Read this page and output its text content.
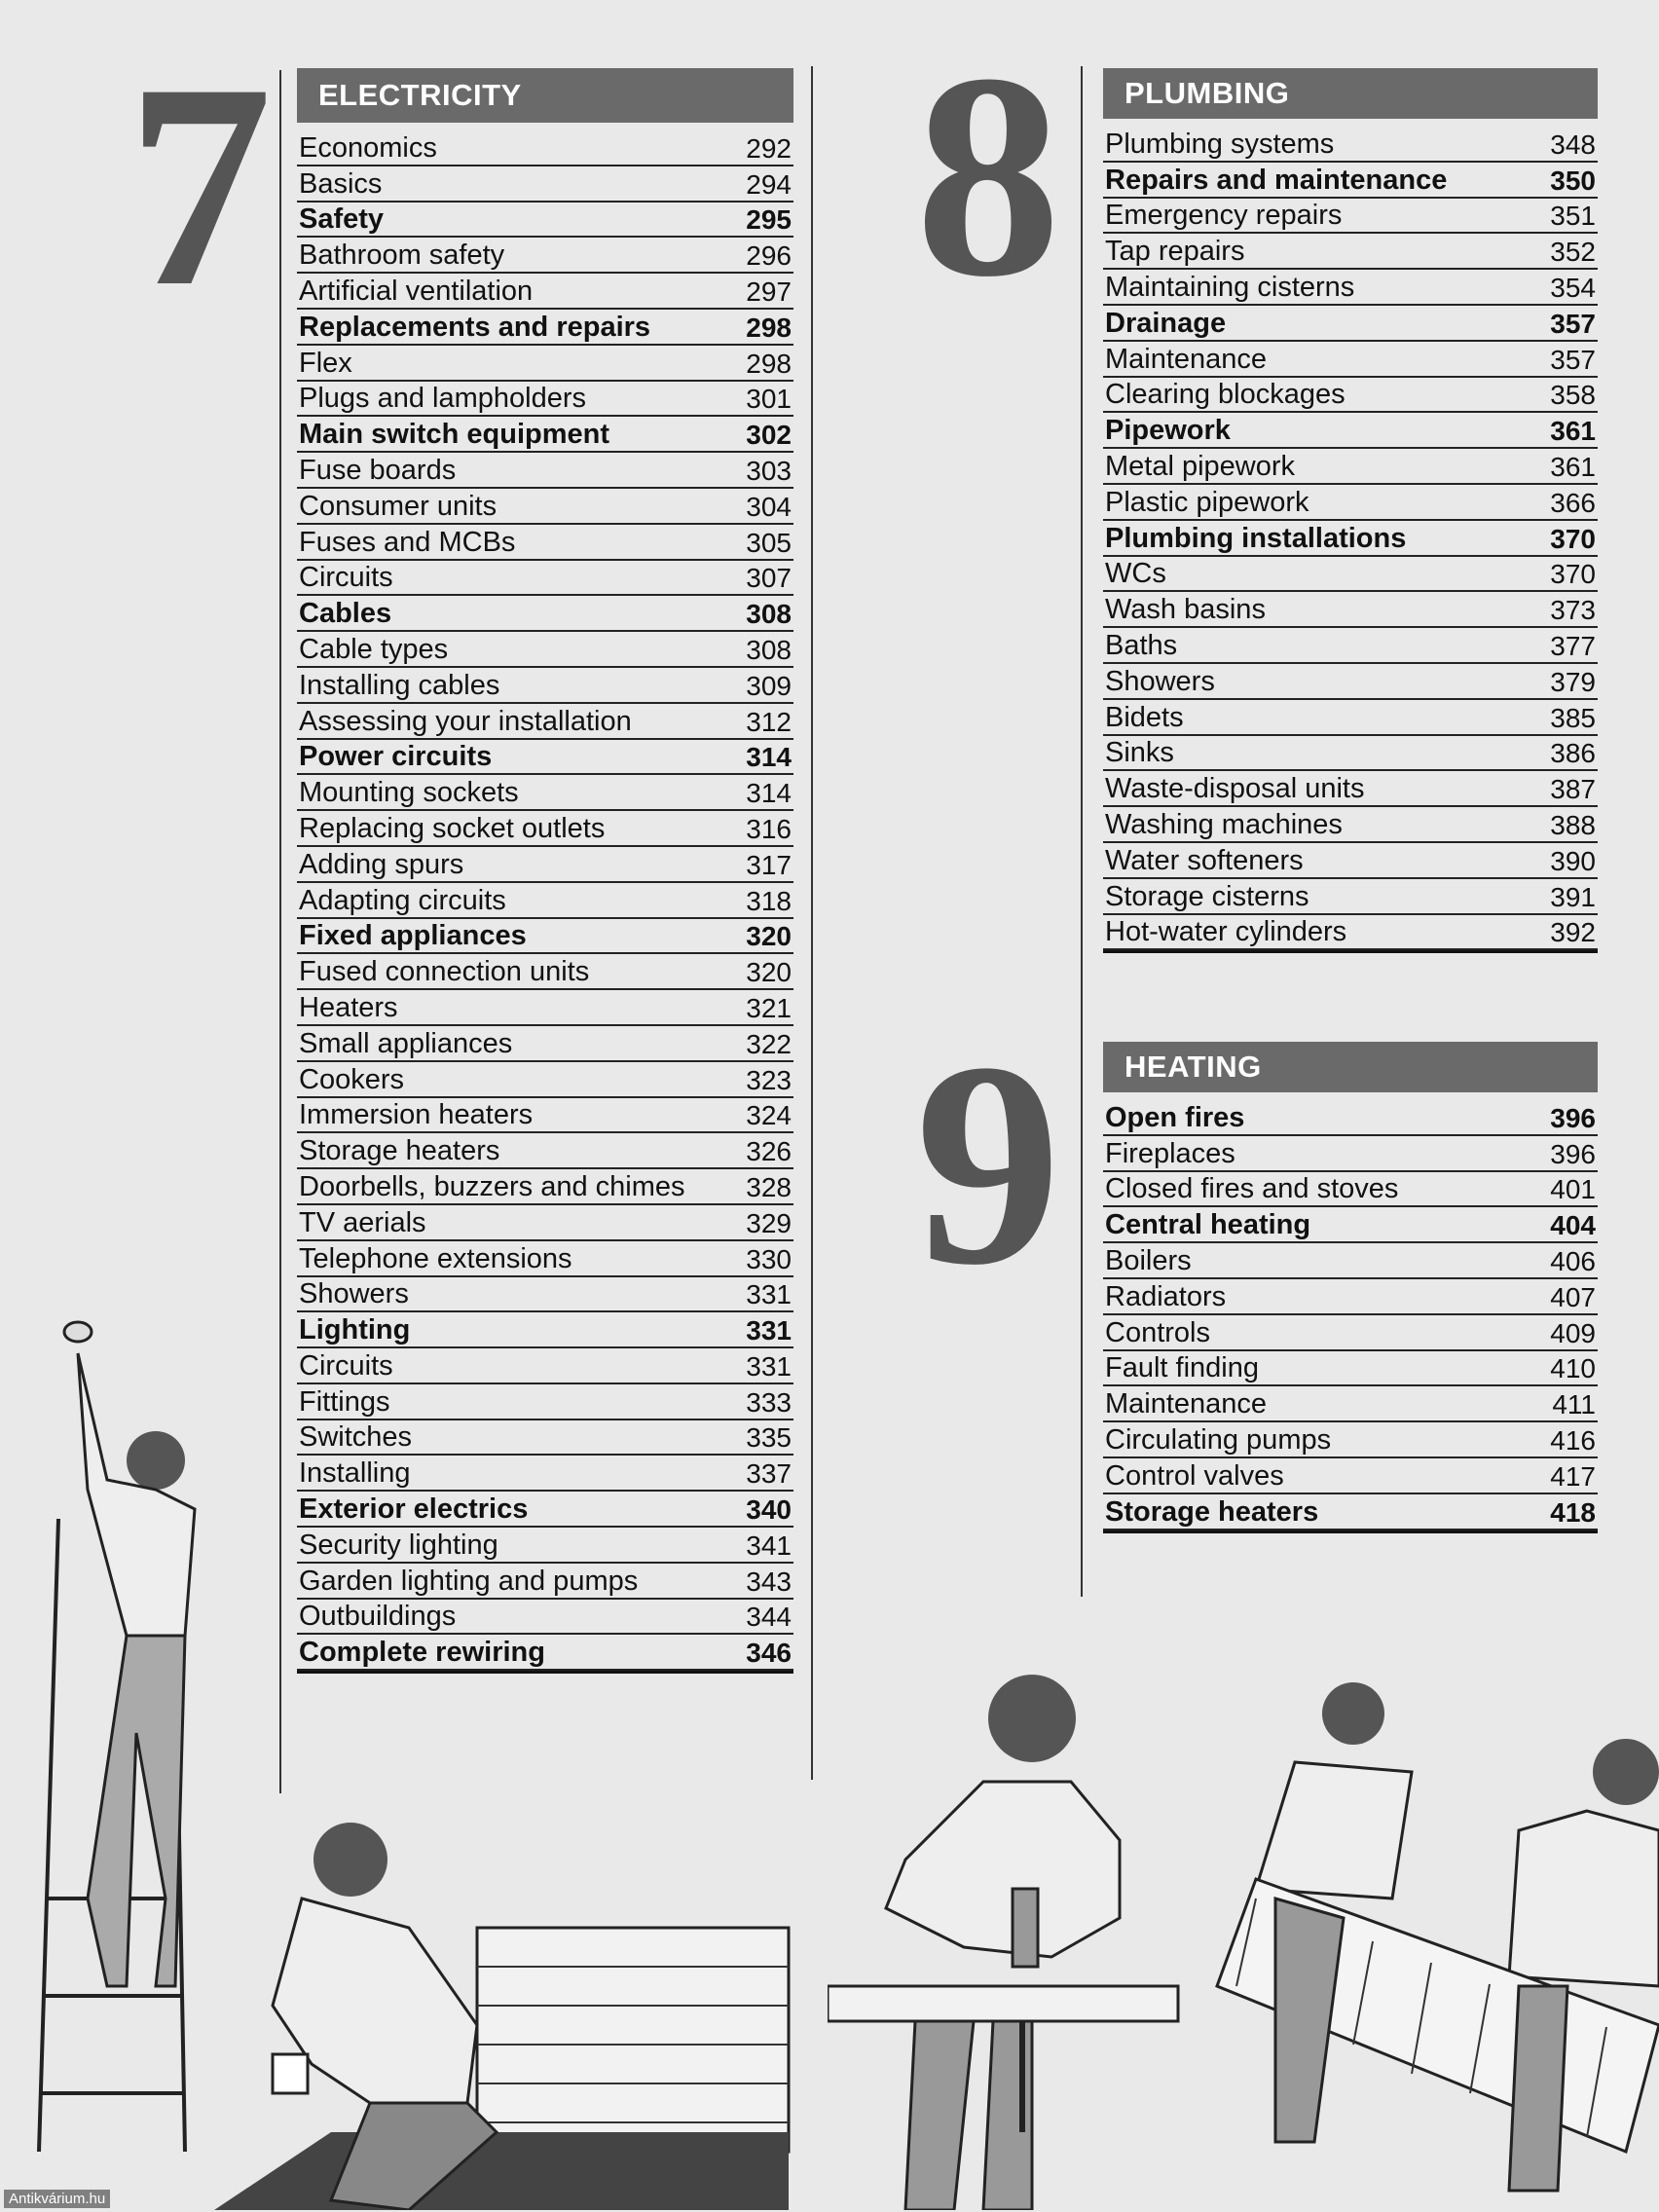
7 8
9
ELECTRICITY
Economics	292
Basics	294
Safety	295
Bathroom safety	296
Artificial ventilation	297
Replacements and repairs	298
Flex	298
Plugs and lampholders	301
Main switch equipment	302
Fuse boards	303
Consumer units	304
Fuses and MCBs	305
Circuits	307
Cables	308
Cable types	308
Installing cables	309
Assessing your installation	312
Power circuits	314
Mounting sockets	314
Replacing socket outlets	316
Adding spurs	317
Adapting circuits	318
Fixed appliances	320
Fused connection units	320
Heaters	321
Small appliances	322
Cookers	323
Immersion heaters	324
Storage heaters	326
Doorbells, buzzers and chimes 328
TV aerials	329
Telephone extensions	330
Showers	331
Lighting	331
Circuits	331
Fittings	333
Switches	335
Installing	337
Exterior electrics	340
Security lighting	341
Garden lighting and pumps	343
Outbuildings	344
Complete rewiring	346
PLUMBING
Plumbing systems	348
Repairs and maintenance	350
Emergency repairs	351
Tap repairs	352
Maintaining cisterns	354
Drainage	357
Maintenance	357
Clearing blockages	358
Pipework	361
Metal pipework	361
Plastic pipework	366
Plumbing installations	370
WCs	370
Wash basins	373
Baths	377
Showers	379
Bidets	385
Sinks	386
Waste-disposal units	387
Washing machines	388
Water softeners	390
Storage cisterns	391
Hot-water cylinders	392
HEATING
Open fires	396
Fireplaces	396
Closed fires and stoves	401
Central heating	404
Boilers	406
Radiators	407
Controls	409
Fault finding	410
Maintenance	411
Circulating pumps	416
Control valves	417
Storage heaters	418
Antikvárium.hu
